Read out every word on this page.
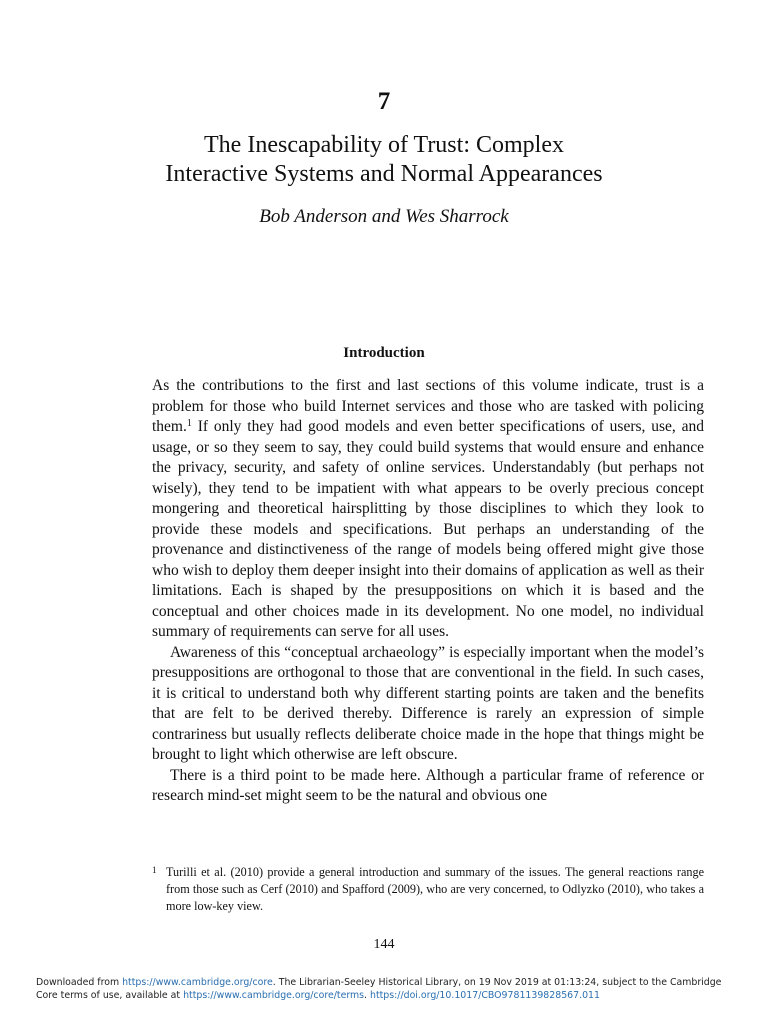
7
The Inescapability of Trust: Complex
Interactive Systems and Normal Appearances
Bob Anderson and Wes Sharrock
Introduction

As the contributions to the first and last sections of this volume indicate, trust is a problem for those who build Internet services and those who are tasked with policing them.$^1$ If only they had good models and even better specifications of users, use, and usage, or so they seem to say, they could build systems that would ensure and enhance the privacy, security, and safety of online services. Understandably (but perhaps not wisely), they tend to be impatient with what appears to be overly precious concept mongering and theoretical hairsplitting by those disciplines to which they look to provide these models and specifications. But perhaps an understanding of the provenance and distinctiveness of the range of models being offered might give those who wish to deploy them deeper insight into their domains of application as well as their limitations. Each is shaped by the presuppositions on which it is based and the conceptual and other choices made in its development. No one model, no individual summary of requirements can serve for all uses.

Awareness of this “conceptual archaeology” is especially important when the model’s presuppositions are orthogonal to those that are conventional in the field. In such cases, it is critical to understand both why different starting points are taken and the benefits that are felt to be derived thereby. Difference is rarely an expression of simple contrariness but usually reflects deliberate choice made in the hope that things might be brought to light which otherwise are left obscure.

There is a third point to be made here. Although a particular frame of reference or research mind-set might seem to be the natural and obvious one

1 Turilli et al. (2010) provide a general introduction and summary of the issues. The general reactions range from those such as Cerf (2010) and Spafford (2009), who are very concerned, to Odlyzko (2010), who takes a more low-key view.
144
Downloaded from https://www.cambridge.org/core. The Librarian-Seeley Historical Library, on 19 Nov 2019 at 01:13:24, subject to the Cambridge Core terms of use, available at https://www.cambridge.org/core/terms. https://doi.org/10.1017/CBO9781139828567.011
